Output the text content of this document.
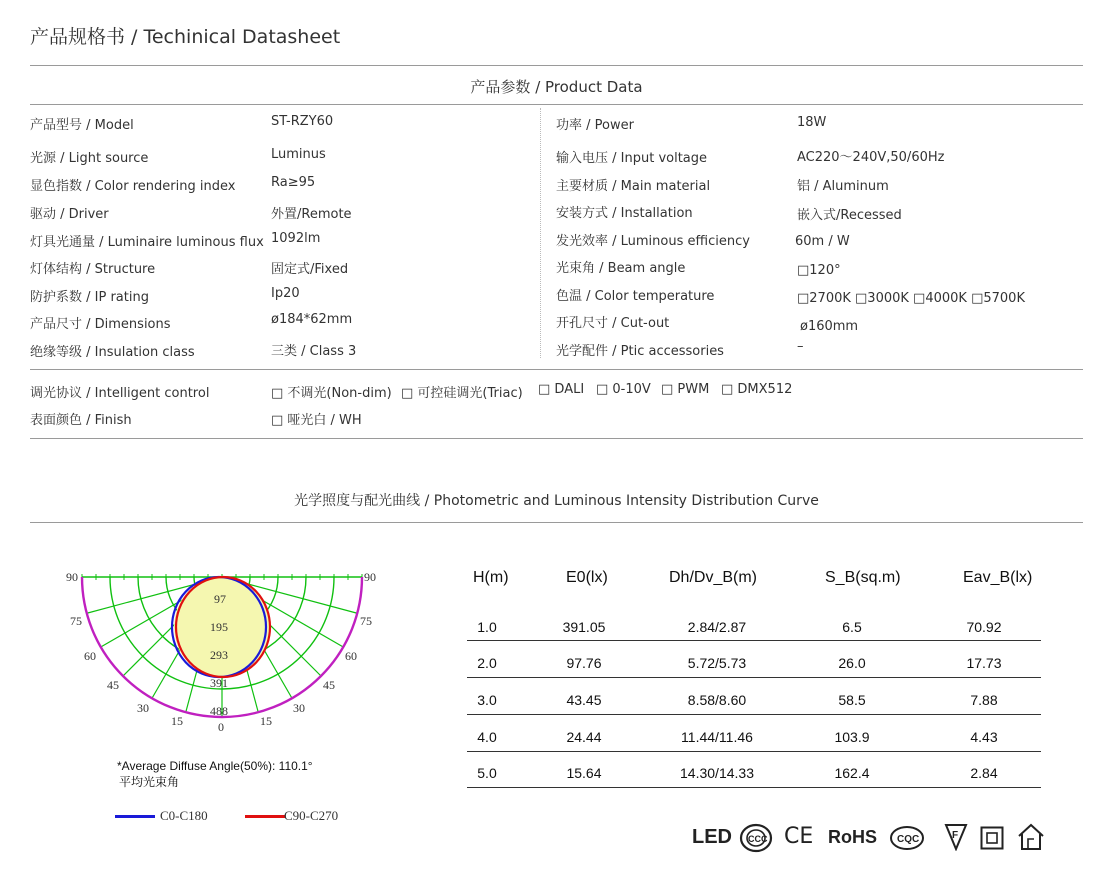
产品规格书 / Techinical Datasheet
产品参数 / Product Data
产品型号 / Model	ST-RZY60
光源 / Light source	Luminus
显色指数 / Color rendering index	Ra≥95
驱动 / Driver	外置/Remote
灯具光通量 / Luminaire luminous flux 1092lm
灯体结构 / Structure	固定式/Fixed
防护系数 / IP rating	Ip20
产品尺寸 / Dimensions	ø184*62mm
绝缘等级 / Insulation class	三类 / Class 3
功率 / Power	18W
输入电压 / Input voltage	AC220～240V,50/60Hz
主要材质 / Main material	铝 / Aluminum
安装方式 / Installation	嵌入式/Recessed
发光效率 / Luminous efficiency	60m / W
光束角 / Beam angle	□120°
色温 / Color temperature	□2700K □3000K □4000K □5700K
开孔尺寸 / Cut-out	ø160mm
光学配件 / Ptic accessories	–
调光协议 / Intelligent control	□ 不调光(Non-dim) □ 可控硅调光(Triac) □ DALI □ 0-10V □ PWM □ DMX512
表面颜色 / Finish	□ 哑光白 / WH
光学照度与配光曲线 / Photometric and Luminous Intensity Distribution Curve
90
75
60
45
30
15
90
75
60
45
30
15
0
97
195
293
391
488
*Average Diffuse Angle(50%): 110.1°
平均光束角
C0-C180	C90-C270
H(m)	E0(lx)	Dh/Dv_B(m)	S_B(sq.m)	Eav_B(lx)
1.0	391.05	2.84/2.87	6.5	70.92
2.0	97.76	5.72/5.73	26.0	17.73
3.0	43.45	8.58/8.60	58.5	7.88
4.0	24.44	11.44/11.46	103.9	4.43
5.0	15.64	14.30/14.33	162.4	2.84
LED CCC CE RoHS CQC	F
